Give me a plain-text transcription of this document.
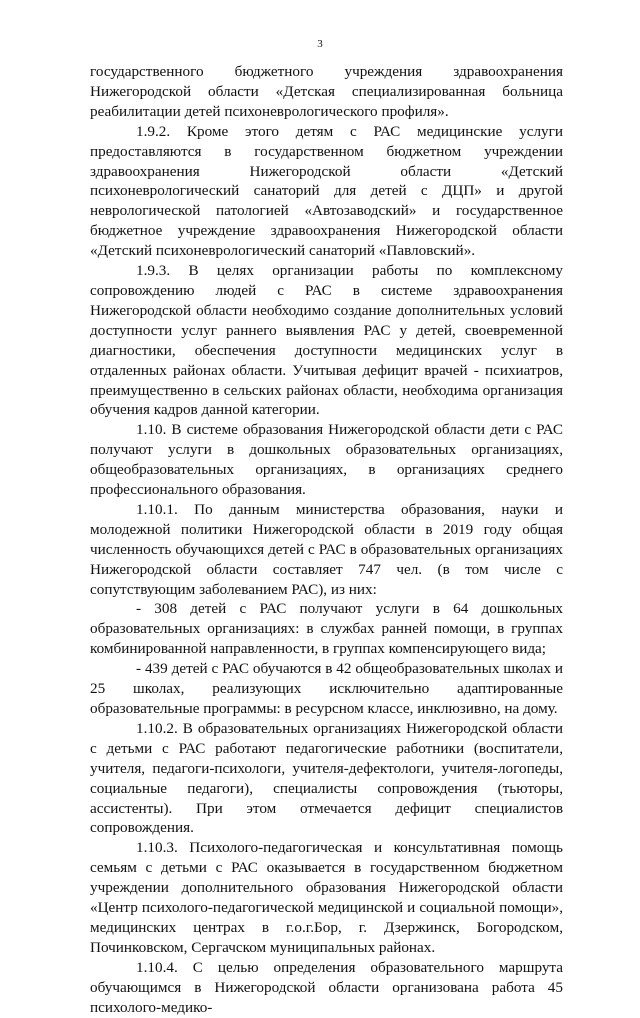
3

государственного бюджетного учреждения здравоохранения Нижегородской области «Детская специализированная больница реабилитации детей психоневрологического профиля».

1.9.2. Кроме этого детям с РАС медицинские услуги предоставляются в государственном бюджетном учреждении здравоохранения Нижегородской области «Детский психоневрологический санаторий для детей с ДЦП» и другой неврологической патологией «Автозаводский» и государственное бюджетное учреждение здравоохранения Нижегородской области «Детский психоневрологический санаторий «Павловский».

1.9.3. В целях организации работы по комплексному сопровождению людей с РАС в системе здравоохранения Нижегородской области необходимо создание дополнительных условий доступности услуг раннего выявления РАС у детей, своевременной диагностики, обеспечения доступности медицинских услуг в отдаленных районах области. Учитывая дефицит врачей - психиатров, преимущественно в сельских районах области, необходима организация обучения кадров данной категории.

1.10. В системе образования Нижегородской области дети с РАС получают услуги в дошкольных образовательных организациях, общеобразовательных организациях, в организациях среднего профессионального образования.

1.10.1. По данным министерства образования, науки и молодежной политики Нижегородской области в 2019 году общая численность обучающихся детей с РАС в образовательных организациях Нижегородской области составляет 747 чел. (в том числе с сопутствующим заболеванием РАС), из них:

- 308 детей с РАС получают услуги в 64 дошкольных образовательных организациях: в службах ранней помощи, в группах комбинированной направленности, в группах компенсирующего вида;

- 439 детей с РАС обучаются в 42 общеобразовательных школах и 25 школах, реализующих исключительно адаптированные образовательные программы: в ресурсном классе, инклюзивно, на дому.

1.10.2. В образовательных организациях Нижегородской области с детьми с РАС работают педагогические работники (воспитатели, учителя, педагоги-психологи, учителя-дефектологи, учителя-логопеды, социальные педагоги), специалисты сопровождения (тьюторы, ассистенты). При этом отмечается дефицит специалистов сопровождения.

1.10.3. Психолого-педагогическая и консультативная помощь семьям с детьми с РАС оказывается в государственном бюджетном учреждении дополнительного образования Нижегородской области «Центр психолого-педагогической медицинской и социальной помощи», медицинских центрах в г.о.г.Бор, г. Дзержинск, Богородском, Починковском, Сергачском муниципальных районах.

1.10.4. С целью определения образовательного маршрута обучающимся в Нижегородской области организована работа 45 психолого-медико-
